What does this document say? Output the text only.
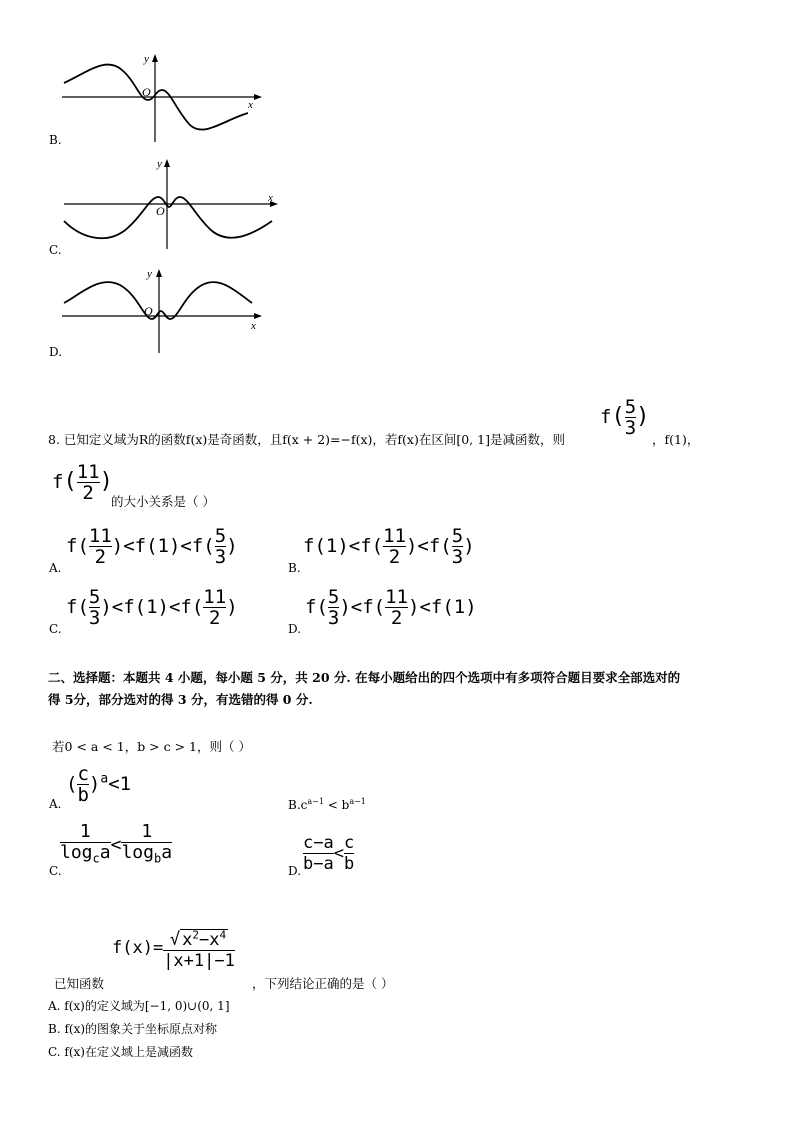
y
x
O
B.
y
x
O
C.
y
x
O
D.
8. 已知定义域为R的函数f(x)是奇函数，且f(x + 2)=−f(x)，若f(x)在区间[0, 1]是减函数，则
$f( \frac{5}{3}$ )
，f(1)，
$f( \frac{11}{2}$ )
的大小关系是（ ）
A.
$f( \frac{11}{2} )<f(1)<f( \frac{5}{3}$ )
B.
$f(1)<f( \frac{11}{2} )<f( \frac{5}{3}$ )
C.
$f( \frac{5}{3} )<f(1)<f( \frac{11}{2}$ )
D.
$f( \frac{5}{3} )<f( \frac{11}{2} )<f(1)$
二、选择题：本题共 4 小题，每小题 5 分，共 20 分. 在每小题给出的四个选项中有多项符合题目要求全部选对的
得 5分，部分选对的得 3 分，有选错的得 0 分.
若0 < a < 1，b > c > 1，则（ ）
A.
( $\frac{c}{b} )^a<1$
$B.c^{a-1} < b^{a-1}$
C.
$\frac{1}{\log_ca} < \frac{1}{\log_ba}$
D. $\frac{c-a}{b-a} < \frac{c}{b}$
已知函数
$f(x)= \frac{√ x^2-x^4}{|x+1|-1}$
，下列结论正确的是（ ）
A. f(x)的定义域为[−1, 0)∪(0, 1]
B. f(x)的图象关于坐标原点对称
C. f(x)在定义域上是减函数
